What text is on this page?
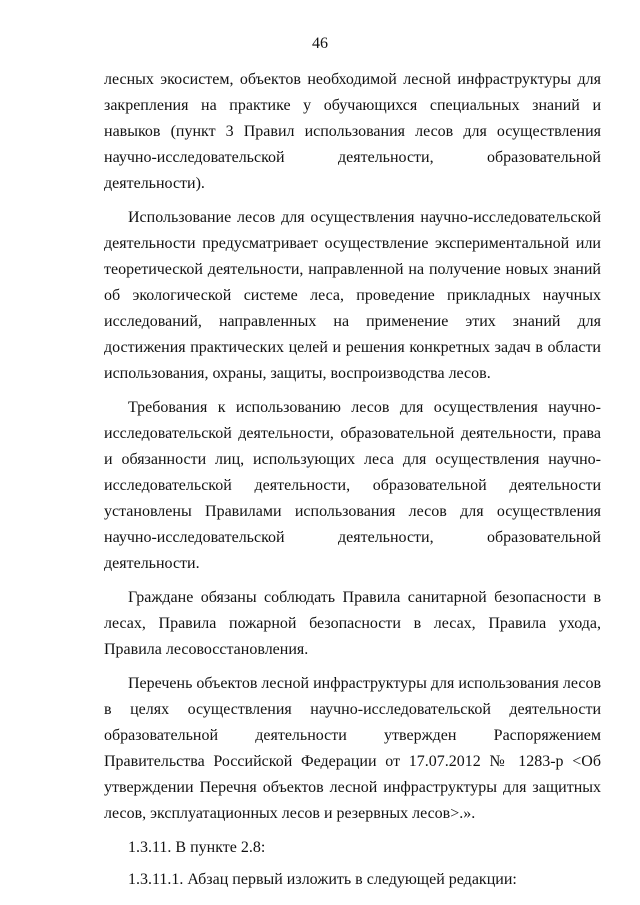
46

лесных экосистем, объектов необходимой лесной инфраструктуры для закрепления на практике у обучающихся специальных знаний и навыков (пункт 3 Правил использования лесов для осуществления научно-исследовательской деятельности, образовательной деятельности).

Использование лесов для осуществления научно-исследовательской деятельности предусматривает осуществление экспериментальной или теоретической деятельности, направленной на получение новых знаний об экологической системе леса, проведение прикладных научных исследований, направленных на применение этих знаний для достижения практических целей и решения конкретных задач в области использования, охраны, защиты, воспроизводства лесов.

Требования к использованию лесов для осуществления научно-исследовательской деятельности, образовательной деятельности, права и обязанности лиц, использующих леса для осуществления научно-исследовательской деятельности, образовательной деятельности установлены Правилами использования лесов для осуществления научно-исследовательской деятельности, образовательной деятельности.

Граждане обязаны соблюдать Правила санитарной безопасности в лесах, Правила пожарной безопасности в лесах, Правила ухода, Правила лесовосстановления.

Перечень объектов лесной инфраструктуры для использования лесов в целях осуществления научно-исследовательской деятельности образовательной деятельности утвержден Распоряжением Правительства Российской Федерации от 17.07.2012 № 1283-р <Об утверждении Перечня объектов лесной инфраструктуры для защитных лесов, эксплуатационных лесов и резервных лесов>.».

1.3.11. В пункте 2.8:

1.3.11.1. Абзац первый изложить в следующей редакции:
